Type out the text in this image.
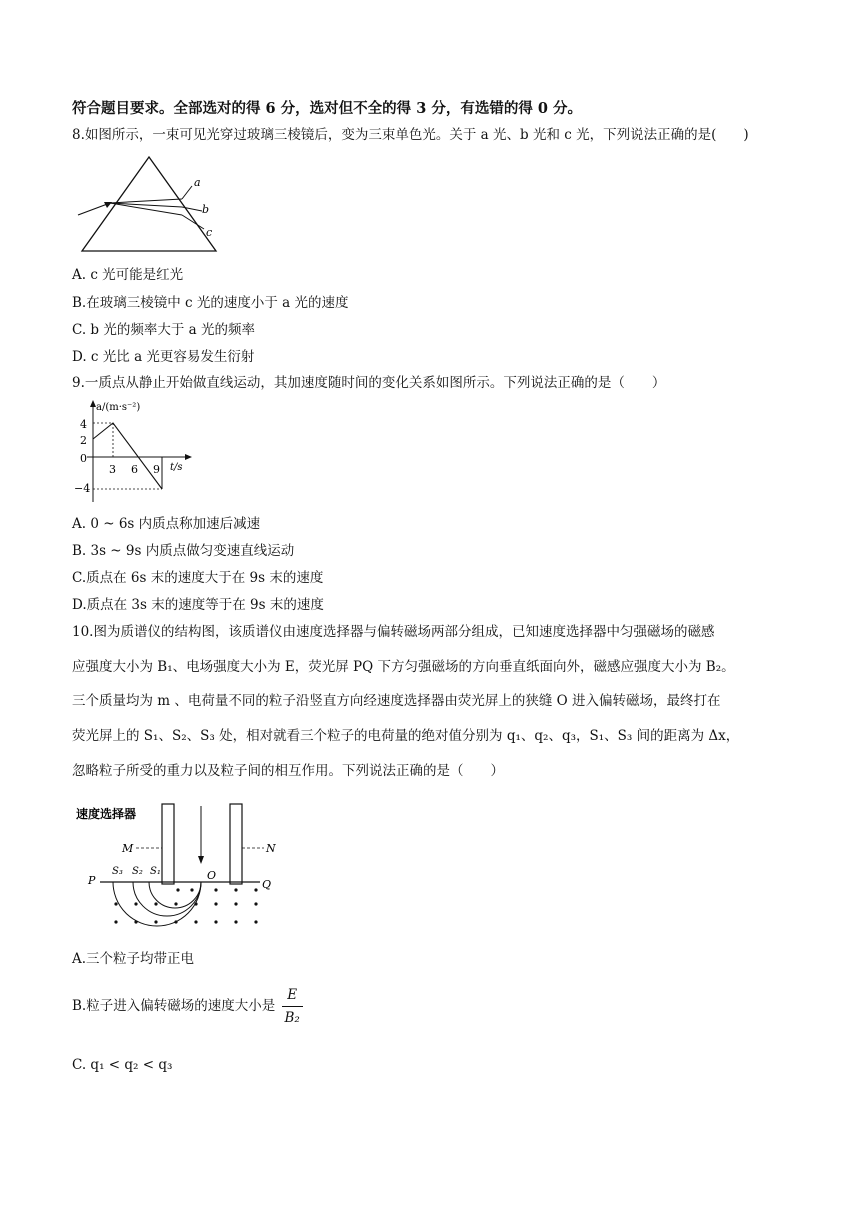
符合题目要求。全部选对的得 6 分，选对但不全的得 3 分，有选错的得 0 分。
8.如图所示，一束可见光穿过玻璃三棱镜后，变为三束单色光。关于 a 光、b 光和 c 光，下列说法正确的是(　　)
a
b
c
A. c 光可能是红光
B.在玻璃三棱镜中 c 光的速度小于 a 光的速度
C. b 光的频率大于 a 光的频率
D. c 光比 a 光更容易发生衍射
9.一质点从静止开始做直线运动，其加速度随时间的变化关系如图所示。下列说法正确的是（　　）
a/(m·s⁻²)
t/s
4
2
0
−4
3 6 9
A. 0 ~ 6s 内质点称加速后减速
B. 3s ~ 9s 内质点做匀变速直线运动
C.质点在 6s 末的速度大于在 9s 末的速度
D.质点在 3s 末的速度等于在 9s 末的速度
10.图为质谱仪的结构图，该质谱仪由速度选择器与偏转磁场两部分组成，已知速度选择器中匀强磁场的磁感
应强度大小为 B₁、电场强度大小为 E，荧光屏 PQ 下方匀强磁场的方向垂直纸面向外，磁感应强度大小为 B₂。
三个质量均为 m 、电荷量不同的粒子沿竖直方向经速度选择器由荧光屏上的狭缝 O 进入偏转磁场，最终打在
荧光屏上的 S₁、S₂、S₃ 处，相对就看三个粒子的电荷量的绝对值分别为 q₁、q₂、q₃，S₁、S₃ 间的距离为 Δx，
忽略粒子所受的重力以及粒子间的相互作用。下列说法正确的是（　　）
速度选择器
M	N
P	Q
O
S₃ S₂ S₁
A.三个粒子均带正电
B.粒子进入偏转磁场的速度大小是 $\frac{E}{\text{B₂}}$
C. q₁ < q₂ < q₃
